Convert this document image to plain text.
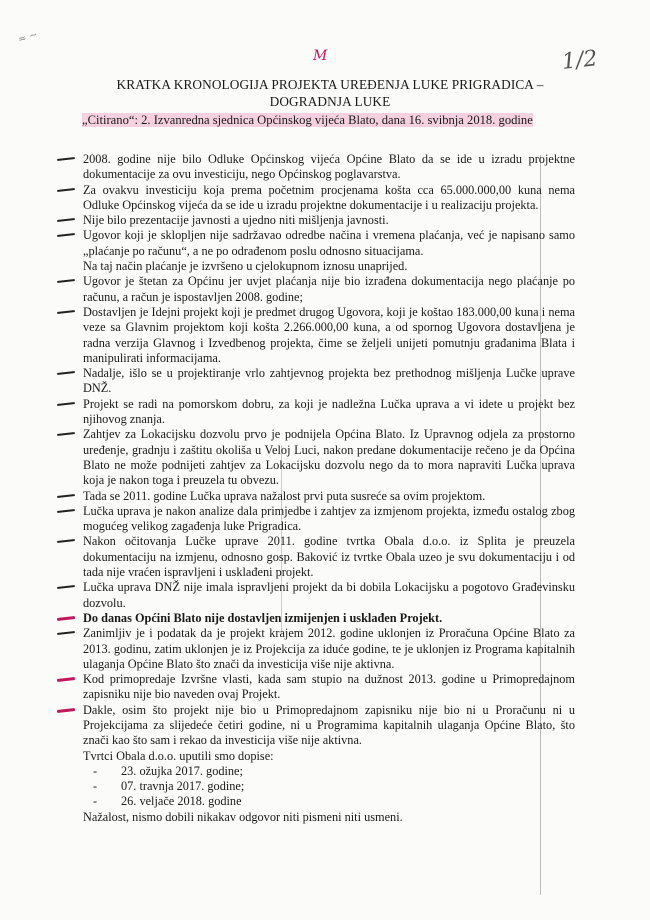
≈ ~
M	1/2
KRATKA KRONOLOGIJA PROJEKTA UREĐENJA LUKE PRIGRADICA –
DOGRADNJA LUKE
„Citirano“: 2. Izvanredna sjednica Općinskog vijeća Blato, dana 16. svibnja 2018. godine
2008. godine nije bilo Odluke Općinskog vijeća Općine Blato da se ide u izradu projektne dokumentacije za ovu investiciju, nego Općinskog poglavarstva.
Za ovakvu investiciju koja prema početnim procjenama košta cca 65.000.000,00 kuna nema Odluke Općinskog vijeća da se ide u izradu projektne dokumentacije i u realizaciju projekta.
Nije bilo prezentacije javnosti a ujedno niti mišljenja javnosti.
Ugovor koji je sklopljen nije sadržavao odredbe načina i vremena plaćanja, već je napisano samo „plaćanje po računu“, a ne po odrađenom poslu odnosno situacijama.
Na taj način plaćanje je izvršeno u cjelokupnom iznosu unaprijed.
Ugovor je štetan za Općinu jer uvjet plaćanja nije bio izrađena dokumentacija nego plaćanje po računu, a račun je ispostavljen 2008. godine;
Dostavljen je Idejni projekt koji je predmet drugog Ugovora, koji je koštao 183.000,00 kuna i nema veze sa Glavnim projektom koji košta 2.266.000,00 kuna, a od spornog Ugovora dostavljena je radna verzija Glavnog i Izvedbenog projekta, čime se željeli unijeti pomutnju građanima Blata i manipulirati informacijama.
Nadalje, išlo se u projektiranje vrlo zahtjevnog projekta bez prethodnog mišljenja Lučke uprave DNŽ.
Projekt se radi na pomorskom dobru, za koji je nadležna Lučka uprava a vi idete u projekt bez njihovog znanja.
Zahtjev za Lokacijsku dozvolu prvo je podnijela Općina Blato. Iz Upravnog odjela za prostorno uređenje, gradnju i zaštitu okoliša u Veloj Luci, nakon predane dokumentacije rečeno je da Općina Blato ne može podnijeti zahtjev za Lokacijsku dozvolu nego da to mora napraviti Lučka uprava koja je nakon toga i preuzela tu obvezu.
Tada se 2011. godine Lučka uprava nažalost prvi puta susreće sa ovim projektom.
Lučka uprava je nakon analize dala primjedbe i zahtjev za izmjenom projekta, između ostalog zbog mogućeg velikog zagađenja luke Prigradica.
Nakon očitovanja Lučke uprave 2011. godine tvrtka Obala d.o.o. iz Splita je preuzela dokumentaciju na izmjenu, odnosno gosp. Baković iz tvrtke Obala uzeo je svu dokumentaciju i od tada nije vraćen ispravljeni i usklađeni projekt.
Lučka uprava DNŽ nije imala ispravljeni projekt da bi dobila Lokacijsku a pogotovo Građevinsku dozvolu.
Do danas Općini Blato nije dostavljen izmijenjen i usklađen Projekt.
Zanimljiv je i podatak da je projekt krajem 2012. godine uklonjen iz Proračuna Općine Blato za 2013. godinu, zatim uklonjen je iz Projekcija za iduće godine, te je uklonjen iz Programa kapitalnih ulaganja Općine Blato što znači da investicija više nije aktivna.
Kod primopredaje Izvršne vlasti, kada sam stupio na dužnost 2013. godine u Primopredajnom zapisniku nije bio naveden ovaj Projekt.
Dakle, osim što projekt nije bio u Primopredajnom zapisniku nije bio ni u Proračunu ni u Projekcijama za slijedeće četiri godine, ni u Programima kapitalnih ulaganja Općine Blato, što znači kao što sam i rekao da investicija više nije aktivna.
Tvrtci Obala d.o.o. uputili smo dopise:
- 23. ožujka 2017. godine;
- 07. travnja 2017. godine;
- 26. veljače 2018. godine
Nažalost, nismo dobili nikakav odgovor niti pismeni niti usmeni.
